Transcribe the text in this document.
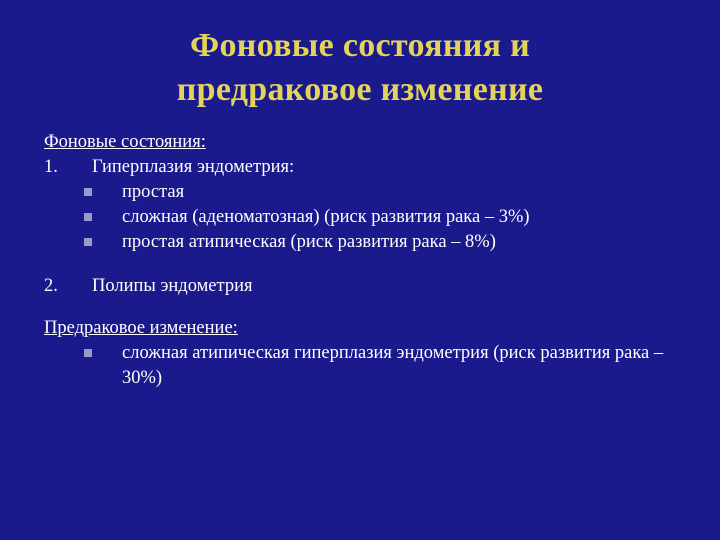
Фоновые состояния и
предраковое изменение
Фоновые состояния:
1.	Гиперплазия эндометрия:
простая
сложная (аденоматозная) (риск развития рака – 3%)
простая атипическая (риск развития рака – 8%)
2.	Полипы эндометрия
Предраковое изменение:
сложная атипическая гиперплазия эндометрия (риск развития рака – 30%)
